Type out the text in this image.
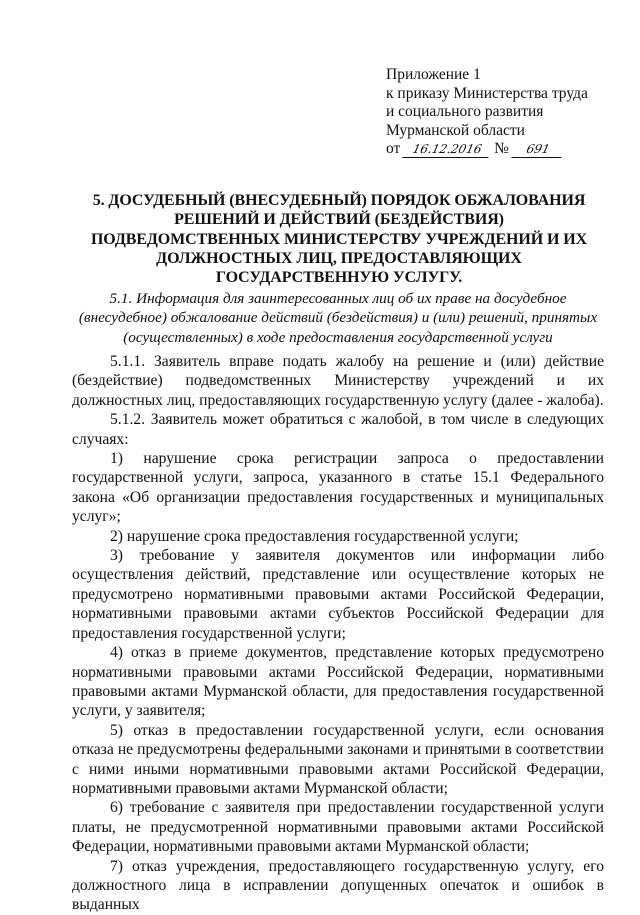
Приложение 1
к приказу Министерства труда
и социального развития
Мурманской области
от 16.12.2016 № 691
5. ДОСУДЕБНЫЙ (ВНЕСУДЕБНЫЙ) ПОРЯДОК ОБЖАЛОВАНИЯ РЕШЕНИЙ И ДЕЙСТВИЙ (БЕЗДЕЙСТВИЯ) ПОДВЕДОМСТВЕННЫХ МИНИСТЕРСТВУ УЧРЕЖДЕНИЙ И ИХ ДОЛЖНОСТНЫХ ЛИЦ, ПРЕДОСТАВЛЯЮЩИХ ГОСУДАРСТВЕННУЮ УСЛУГУ.
5.1. Информация для заинтересованных лиц об их праве на досудебное (внесудебное) обжалование действий (бездействия) и (или) решений, принятых (осуществленных) в ходе предоставления государственной услуги

5.1.1. Заявитель вправе подать жалобу на решение и (или) действие (бездействие) подведомственных Министерству учреждений и их должностных лиц, предоставляющих государственную услугу (далее - жалоба).

5.1.2. Заявитель может обратиться с жалобой, в том числе в следующих случаях:

1) нарушение срока регистрации запроса о предоставлении государственной услуги, запроса, указанного в статье 15.1 Федерального закона «Об организации предоставления государственных и муниципальных услуг»;

2) нарушение срока предоставления государственной услуги;

3) требование у заявителя документов или информации либо осуществления действий, представление или осуществление которых не предусмотрено нормативными правовыми актами Российской Федерации, нормативными правовыми актами субъектов Российской Федерации для предоставления государственной услуги;

4) отказ в приеме документов, представление которых предусмотрено нормативными правовыми актами Российской Федерации, нормативными правовыми актами Мурманской области, для предоставления государственной услуги, у заявителя;

5) отказ в предоставлении государственной услуги, если основания отказа не предусмотрены федеральными законами и принятыми в соответствии с ними иными нормативными правовыми актами Российской Федерации, нормативными правовыми актами Мурманской области;

6) требование с заявителя при предоставлении государственной услуги платы, не предусмотренной нормативными правовыми актами Российской Федерации, нормативными правовыми актами Мурманской области;

7) отказ учреждения, предоставляющего государственную услугу, его должностного лица в исправлении допущенных опечаток и ошибок в выданных
